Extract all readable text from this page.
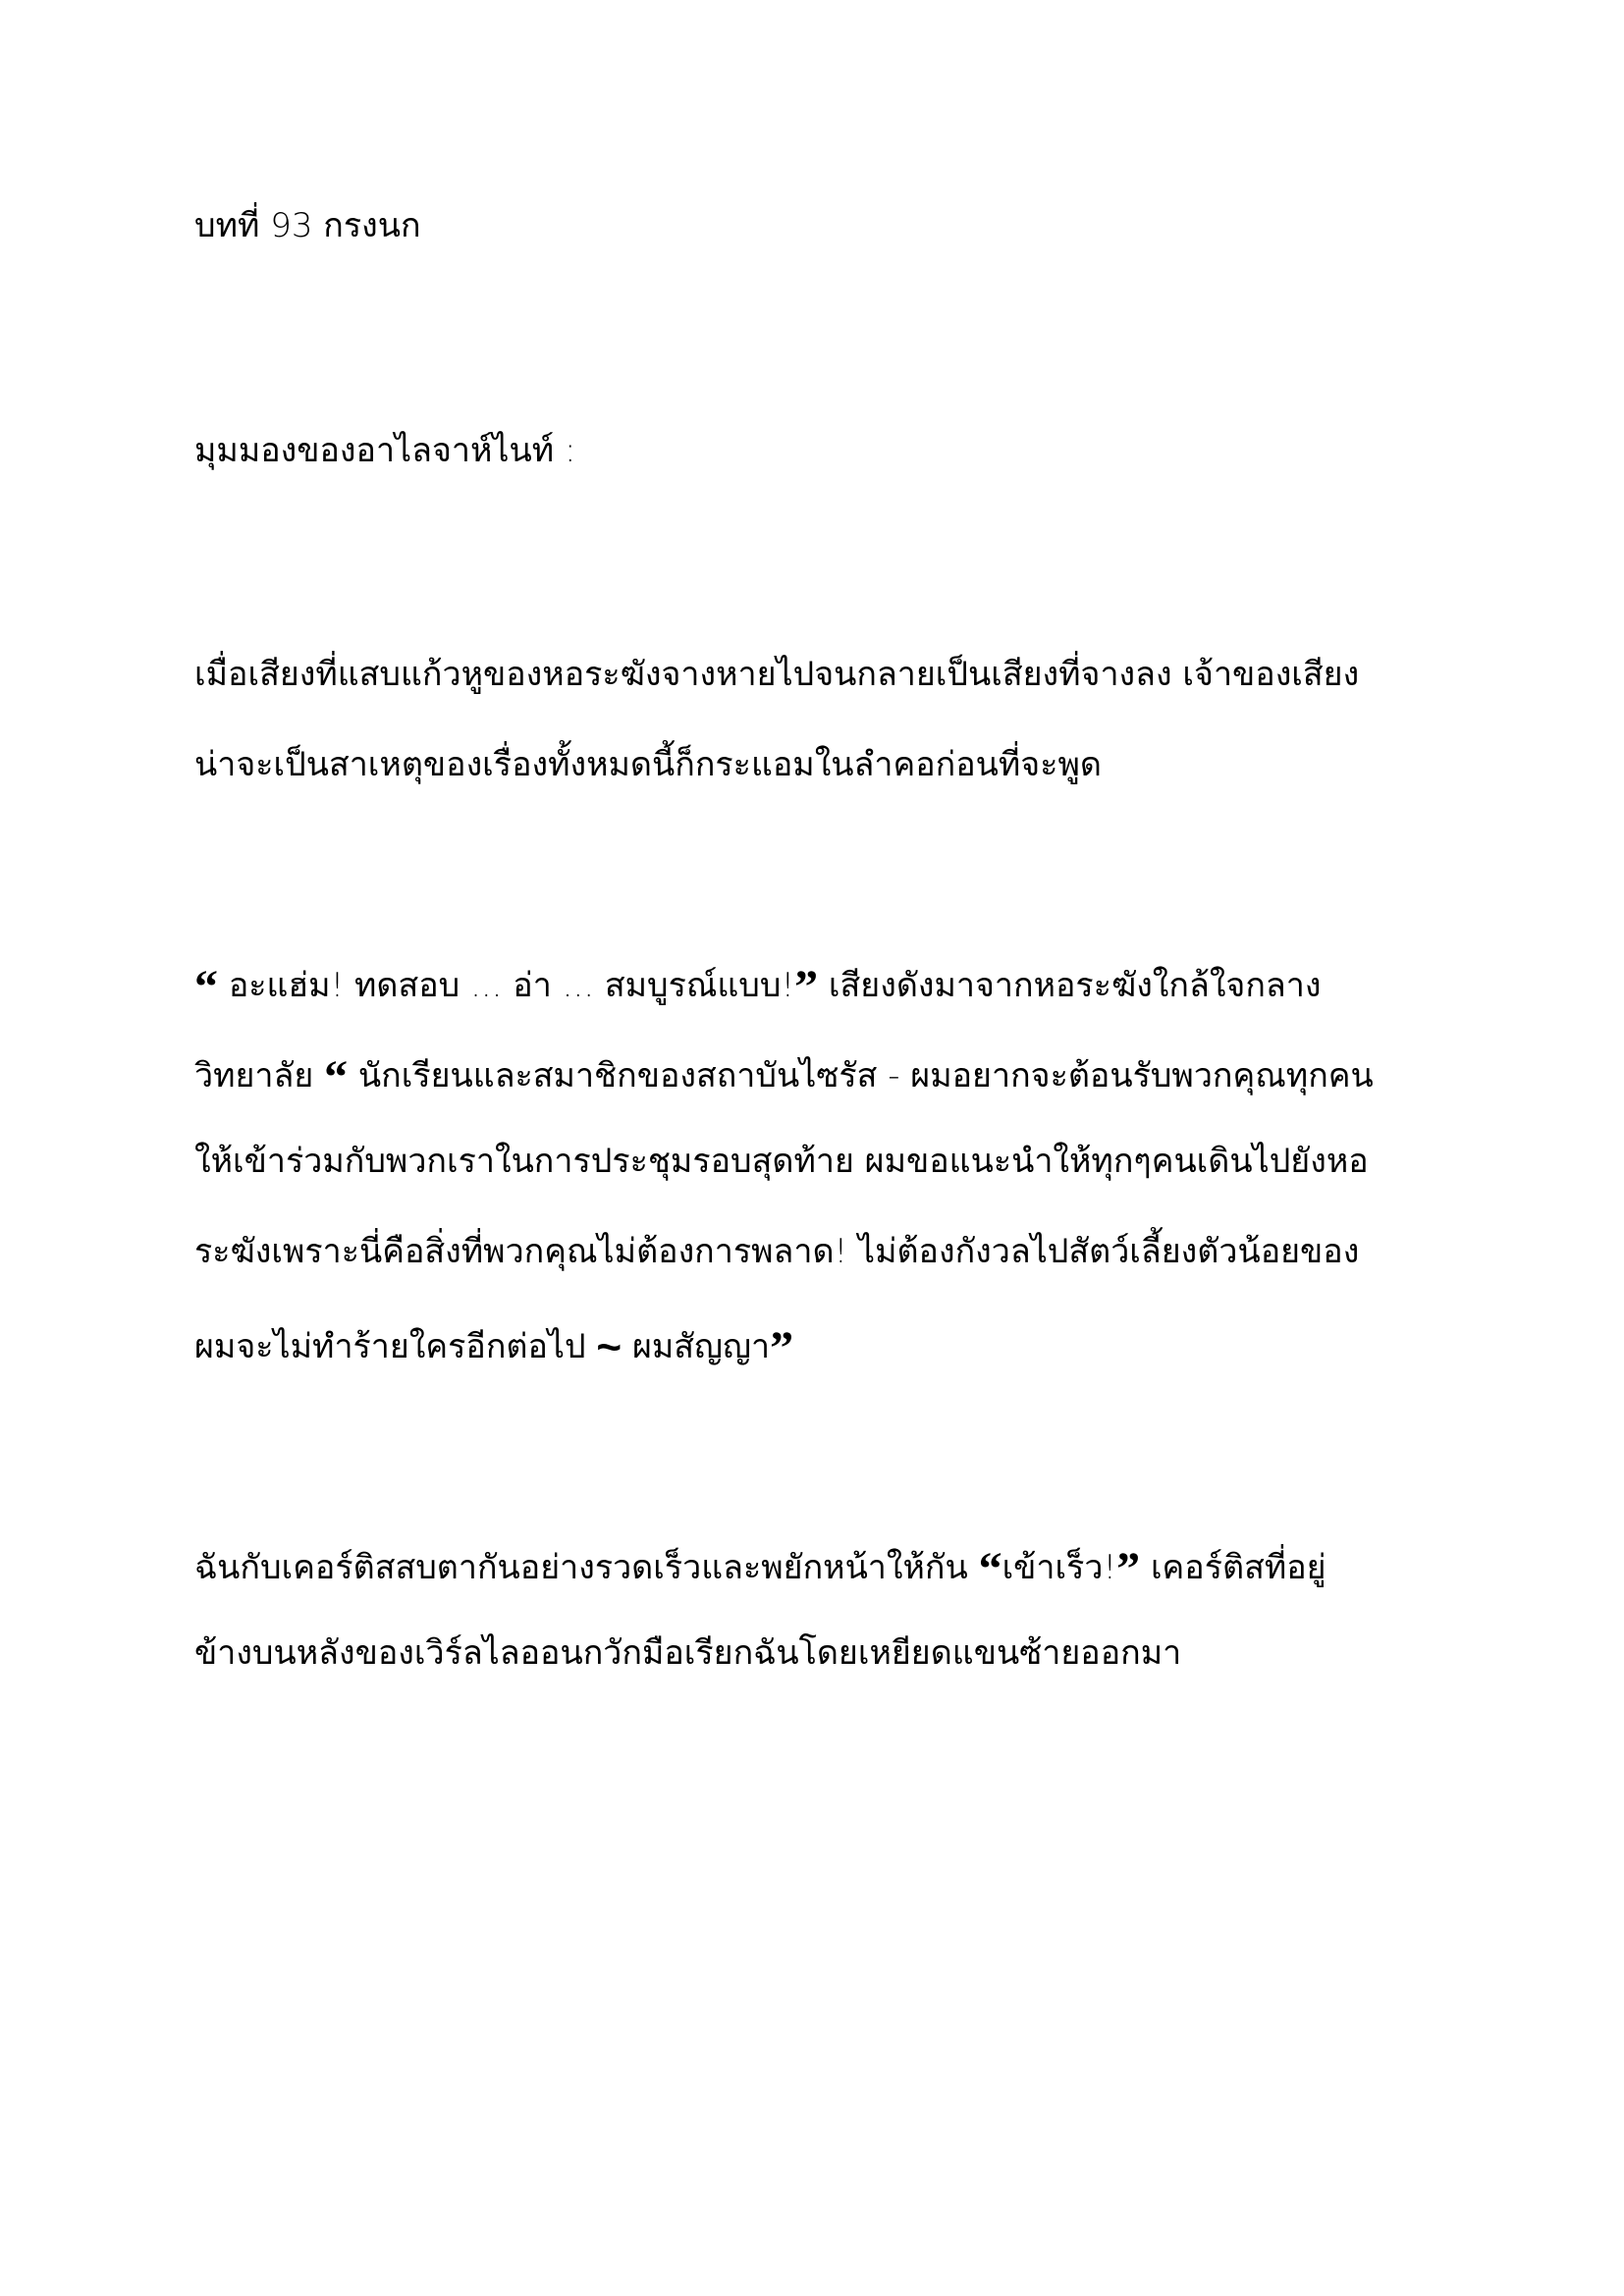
บทที่ 93 กรงนก
มุมมองของอาไลจาห์ไนท์ :
เมื่อเสียงที่แสบแก้วหูของหอระฆังจางหายไปจนกลายเป็นเสียงที่จางลง เจ้าของเสียง
น่าจะเป็นสาเหตุของเรื่องทั้งหมดนี้ก็กระแอมในลำคอก่อนที่จะพูด
“ อะแฮ่ม! ทดสอบ ... อ่า ... สมบูรณ์แบบ!” เสียงดังมาจากหอระฆังใกล้ใจกลาง
วิทยาลัย “ นักเรียนและสมาชิกของสถาบันไซรัส - ผมอยากจะต้อนรับพวกคุณทุกคน
ให้เข้าร่วมกับพวกเราในการประชุมรอบสุดท้าย ผมขอแนะนำให้ทุกๆคนเดินไปยังหอ
ระฆังเพราะนี่คือสิ่งที่พวกคุณไม่ต้องการพลาด! ไม่ต้องกังวลไปสัตว์เลี้ยงตัวน้อยของ
ผมจะไม่ทำร้ายใครอีกต่อไป ~ ผมสัญญา”
ฉันกับเคอร์ติสสบตากันอย่างรวดเร็วและพยักหน้าให้กัน “เข้าเร็ว!” เคอร์ติสที่อยู่
ข้างบนหลังของเวิร์ลไลออนกวักมือเรียกฉันโดยเหยียดแขนซ้ายออกมา
